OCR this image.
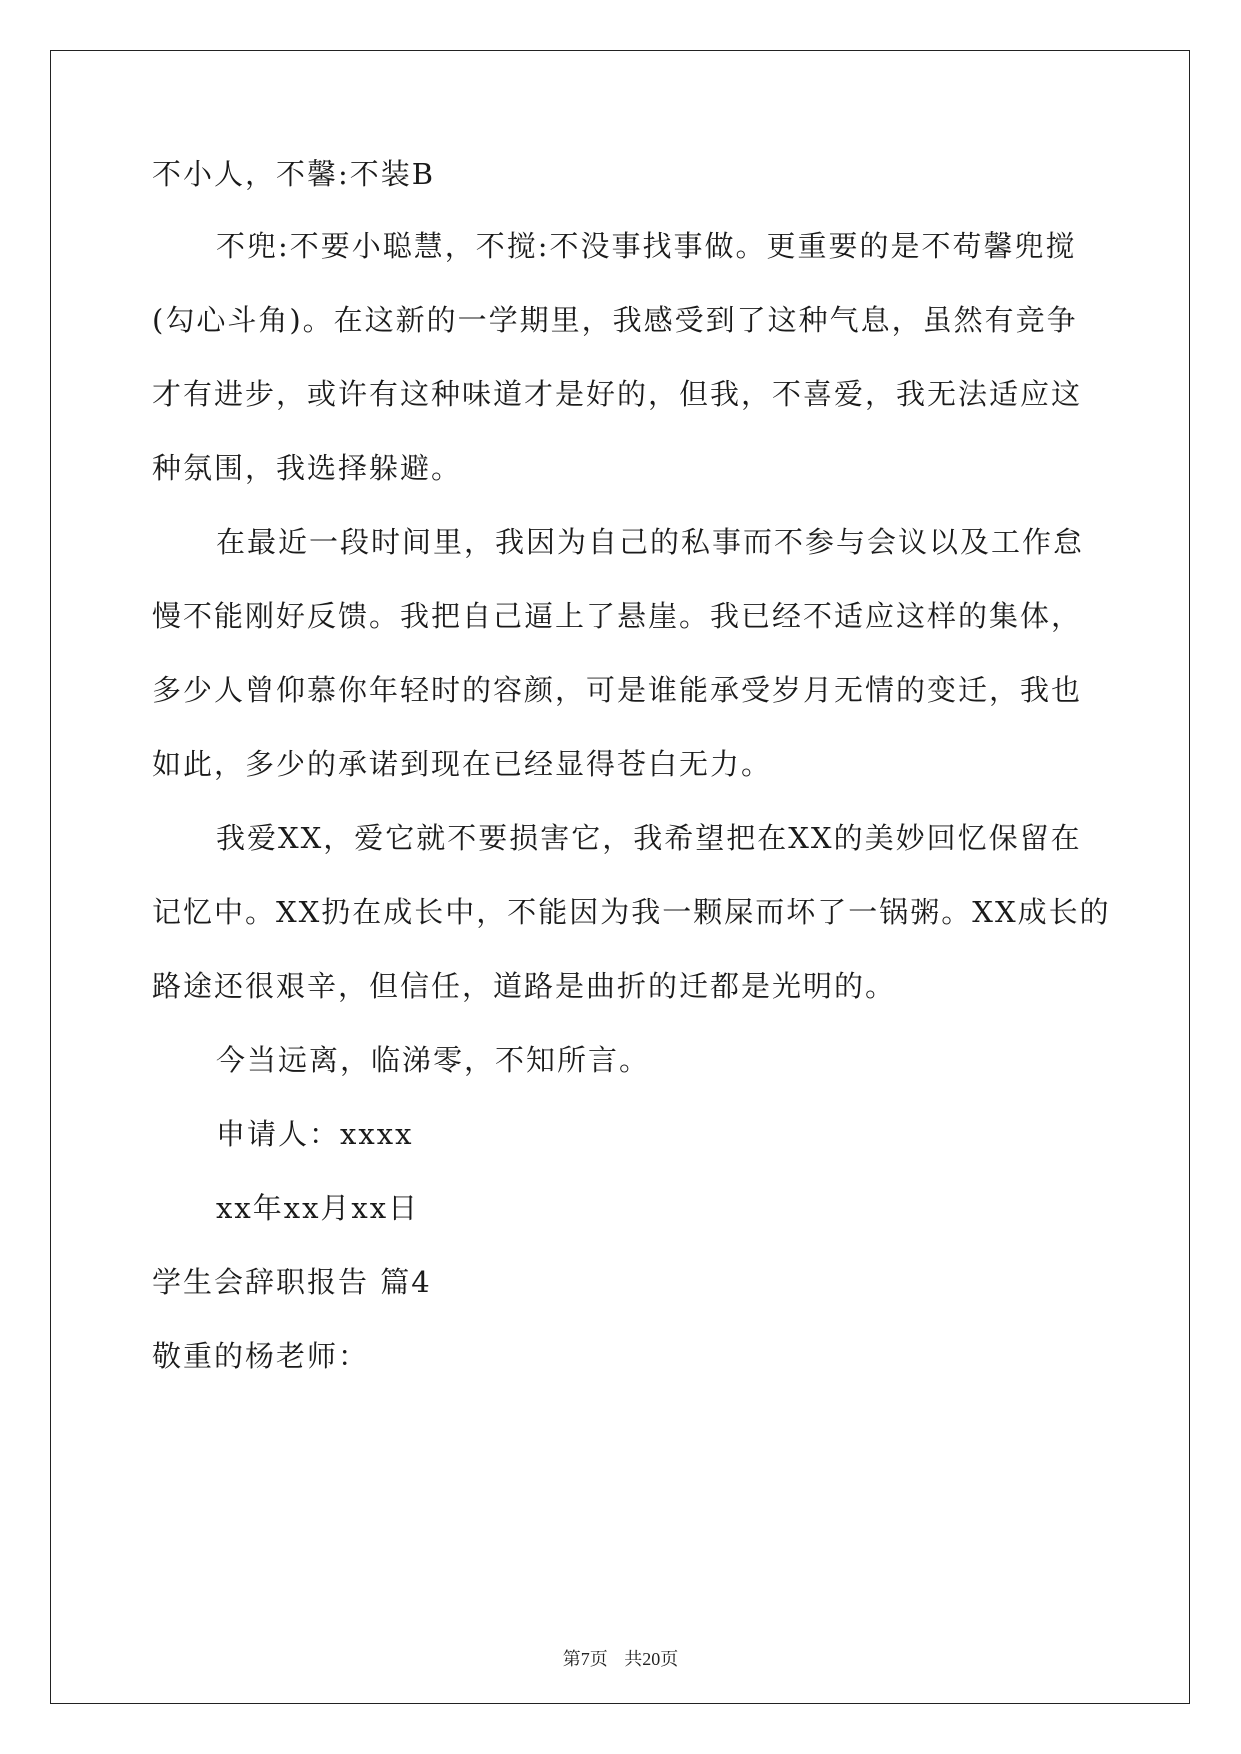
不小人，不馨:不装B
不兜:不要小聪慧，不搅:不没事找事做。更重要的是不苟馨兜搅
(勾心斗角)。在这新的一学期里，我感受到了这种气息，虽然有竞争
才有进步，或许有这种味道才是好的，但我，不喜爱，我无法适应这
种氛围，我选择躲避。
在最近一段时间里，我因为自己的私事而不参与会议以及工作怠
慢不能刚好反馈。我把自己逼上了悬崖。我已经不适应这样的集体，
多少人曾仰慕你年轻时的容颜，可是谁能承受岁月无情的变迁，我也
如此，多少的承诺到现在已经显得苍白无力。
我爱XX，爱它就不要损害它，我希望把在XX的美妙回忆保留在
记忆中。XX扔在成长中，不能因为我一颗屎而坏了一锅粥。XX成长的
路途还很艰辛，但信任，道路是曲折的迁都是光明的。
今当远离，临涕零，不知所言。
申请人：xxxx
xx年xx月xx日
学生会辞职报告 篇4
敬重的杨老师：
第7页 共20页
